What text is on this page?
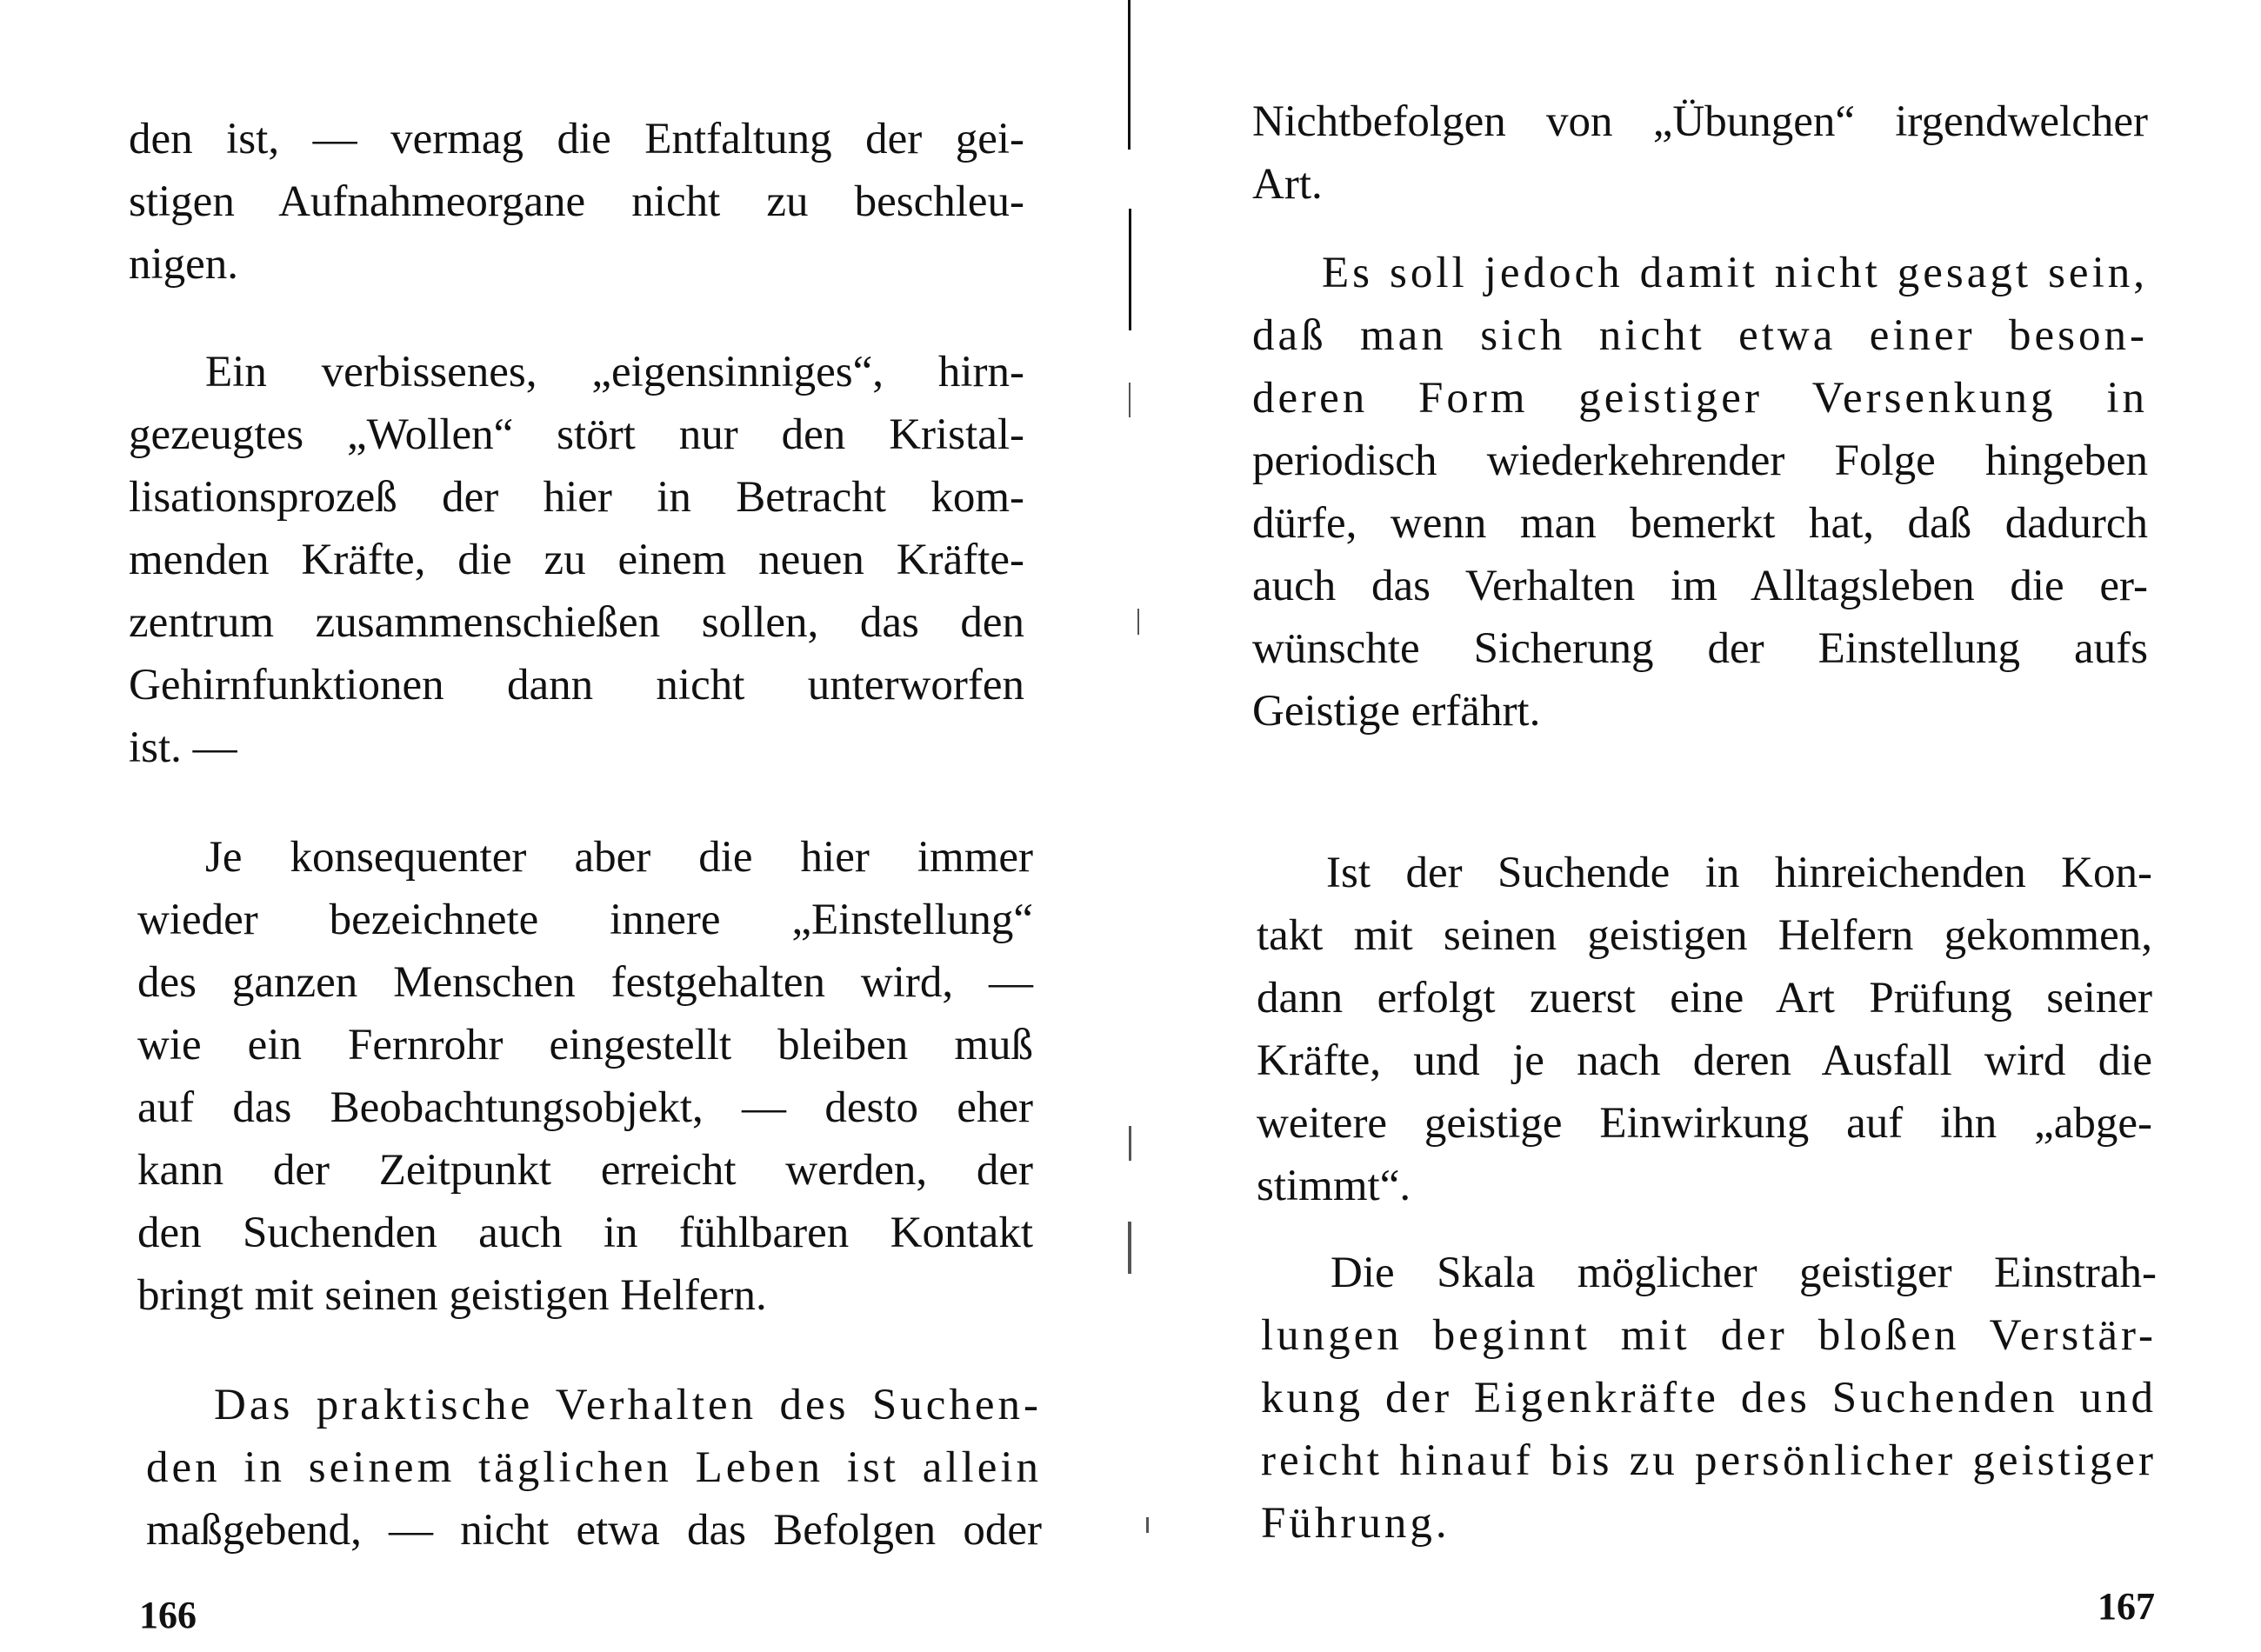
den ist, — vermag die Entfaltung der gei-
stigen Aufnahmeorgane nicht zu beschleu-
nigen.
Ein verbissenes, „eigensinniges“, hirn-
gezeugtes „Wollen“ stört nur den Kristal-
lisationsprozeß der hier in Betracht kom-
menden Kräfte, die zu einem neuen Kräfte-
zentrum zusammenschießen sollen, das den
Gehirnfunktionen dann nicht unterworfen
ist. —
Je konsequenter aber die hier immer
wieder bezeichnete innere „Einstellung“
des ganzen Menschen festgehalten wird, —
wie ein Fernrohr eingestellt bleiben muß
auf das Beobachtungsobjekt, — desto eher
kann der Zeitpunkt erreicht werden, der
den Suchenden auch in fühlbaren Kontakt
bringt mit seinen geistigen Helfern.
Das praktische Verhalten des Suchen-
den in seinem täglichen Leben ist allein
maßgebend, — nicht etwa das Befolgen oder
166
Nichtbefolgen von „Übungen“ irgendwelcher
Art.
Es soll jedoch damit nicht gesagt sein,
daß man sich nicht etwa einer beson-
deren Form geistiger Versenkung in
periodisch wiederkehrender Folge hingeben
dürfe, wenn man bemerkt hat, daß dadurch
auch das Verhalten im Alltagsleben die er-
wünschte Sicherung der Einstellung aufs
Geistige erfährt.
Ist der Suchende in hinreichenden Kon-
takt mit seinen geistigen Helfern gekommen,
dann erfolgt zuerst eine Art Prüfung seiner
Kräfte, und je nach deren Ausfall wird die
weitere geistige Einwirkung auf ihn „abge-
stimmt“.
Die Skala möglicher geistiger Einstrah-
lungen beginnt mit der bloßen Verstär-
kung der Eigenkräfte des Suchenden und
reicht hinauf bis zu persönlicher geistiger
Führung.
167
